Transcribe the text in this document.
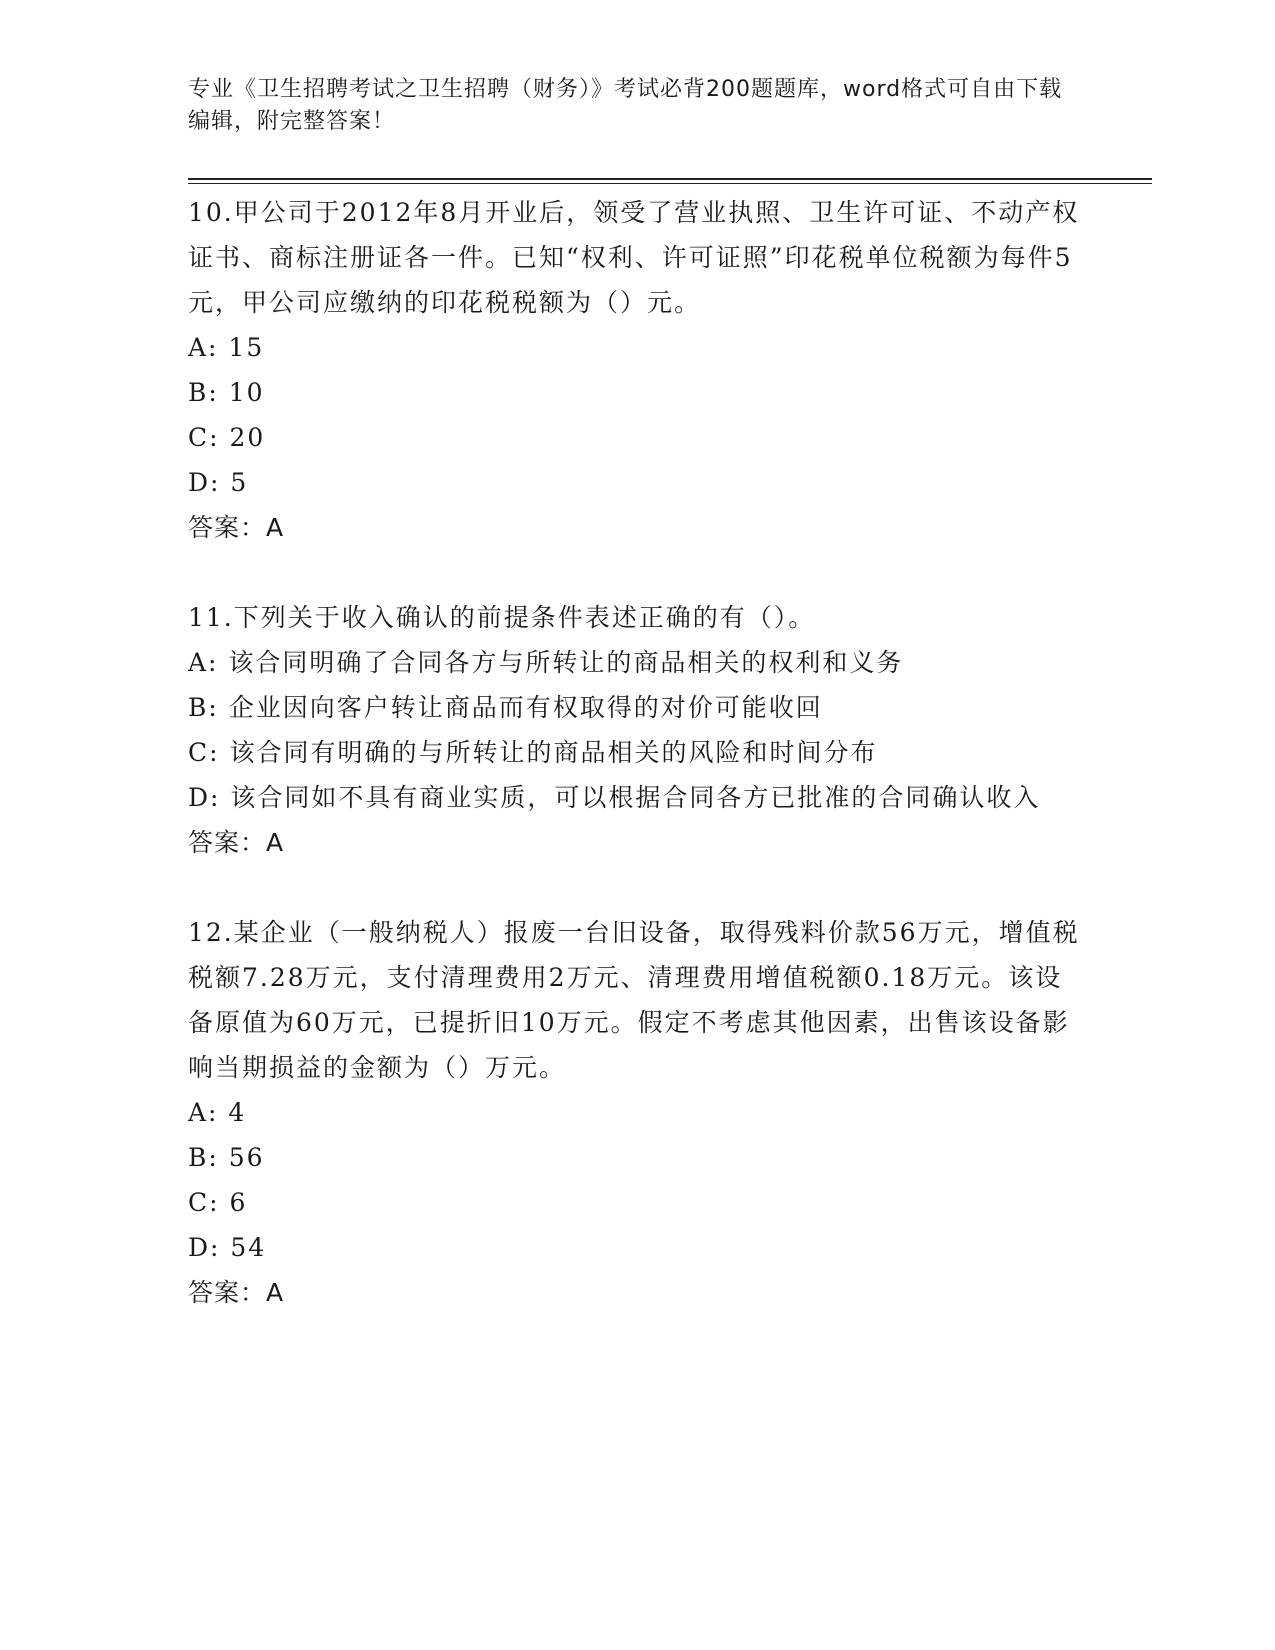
专业《卫生招聘考试之卫生招聘（财务）》考试必背200题题库，word格式可自由下载编辑，附完整答案！

10.甲公司于2012年8月开业后，领受了营业执照、卫生许可证、不动产权证书、商标注册证各一件。已知“权利、许可证照”印花税单位税额为每件5元，甲公司应缴纳的印花税税额为（）元。

A: 15

B: 10

C: 20

D: 5

答案：A

11.下列关于收入确认的前提条件表述正确的有（）。

A: 该合同明确了合同各方与所转让的商品相关的权利和义务

B: 企业因向客户转让商品而有权取得的对价可能收回

C: 该合同有明确的与所转让的商品相关的风险和时间分布

D: 该合同如不具有商业实质，可以根据合同各方已批准的合同确认收入

答案：A

12.某企业（一般纳税人）报废一台旧设备，取得残料价款56万元，增值税税额7.28万元，支付清理费用2万元、清理费用增值税额0.18万元。该设备原值为60万元，已提折旧10万元。假定不考虑其他因素，出售该设备影响当期损益的金额为（）万元。

A: 4

B: 56

C: 6

D: 54

答案：A
